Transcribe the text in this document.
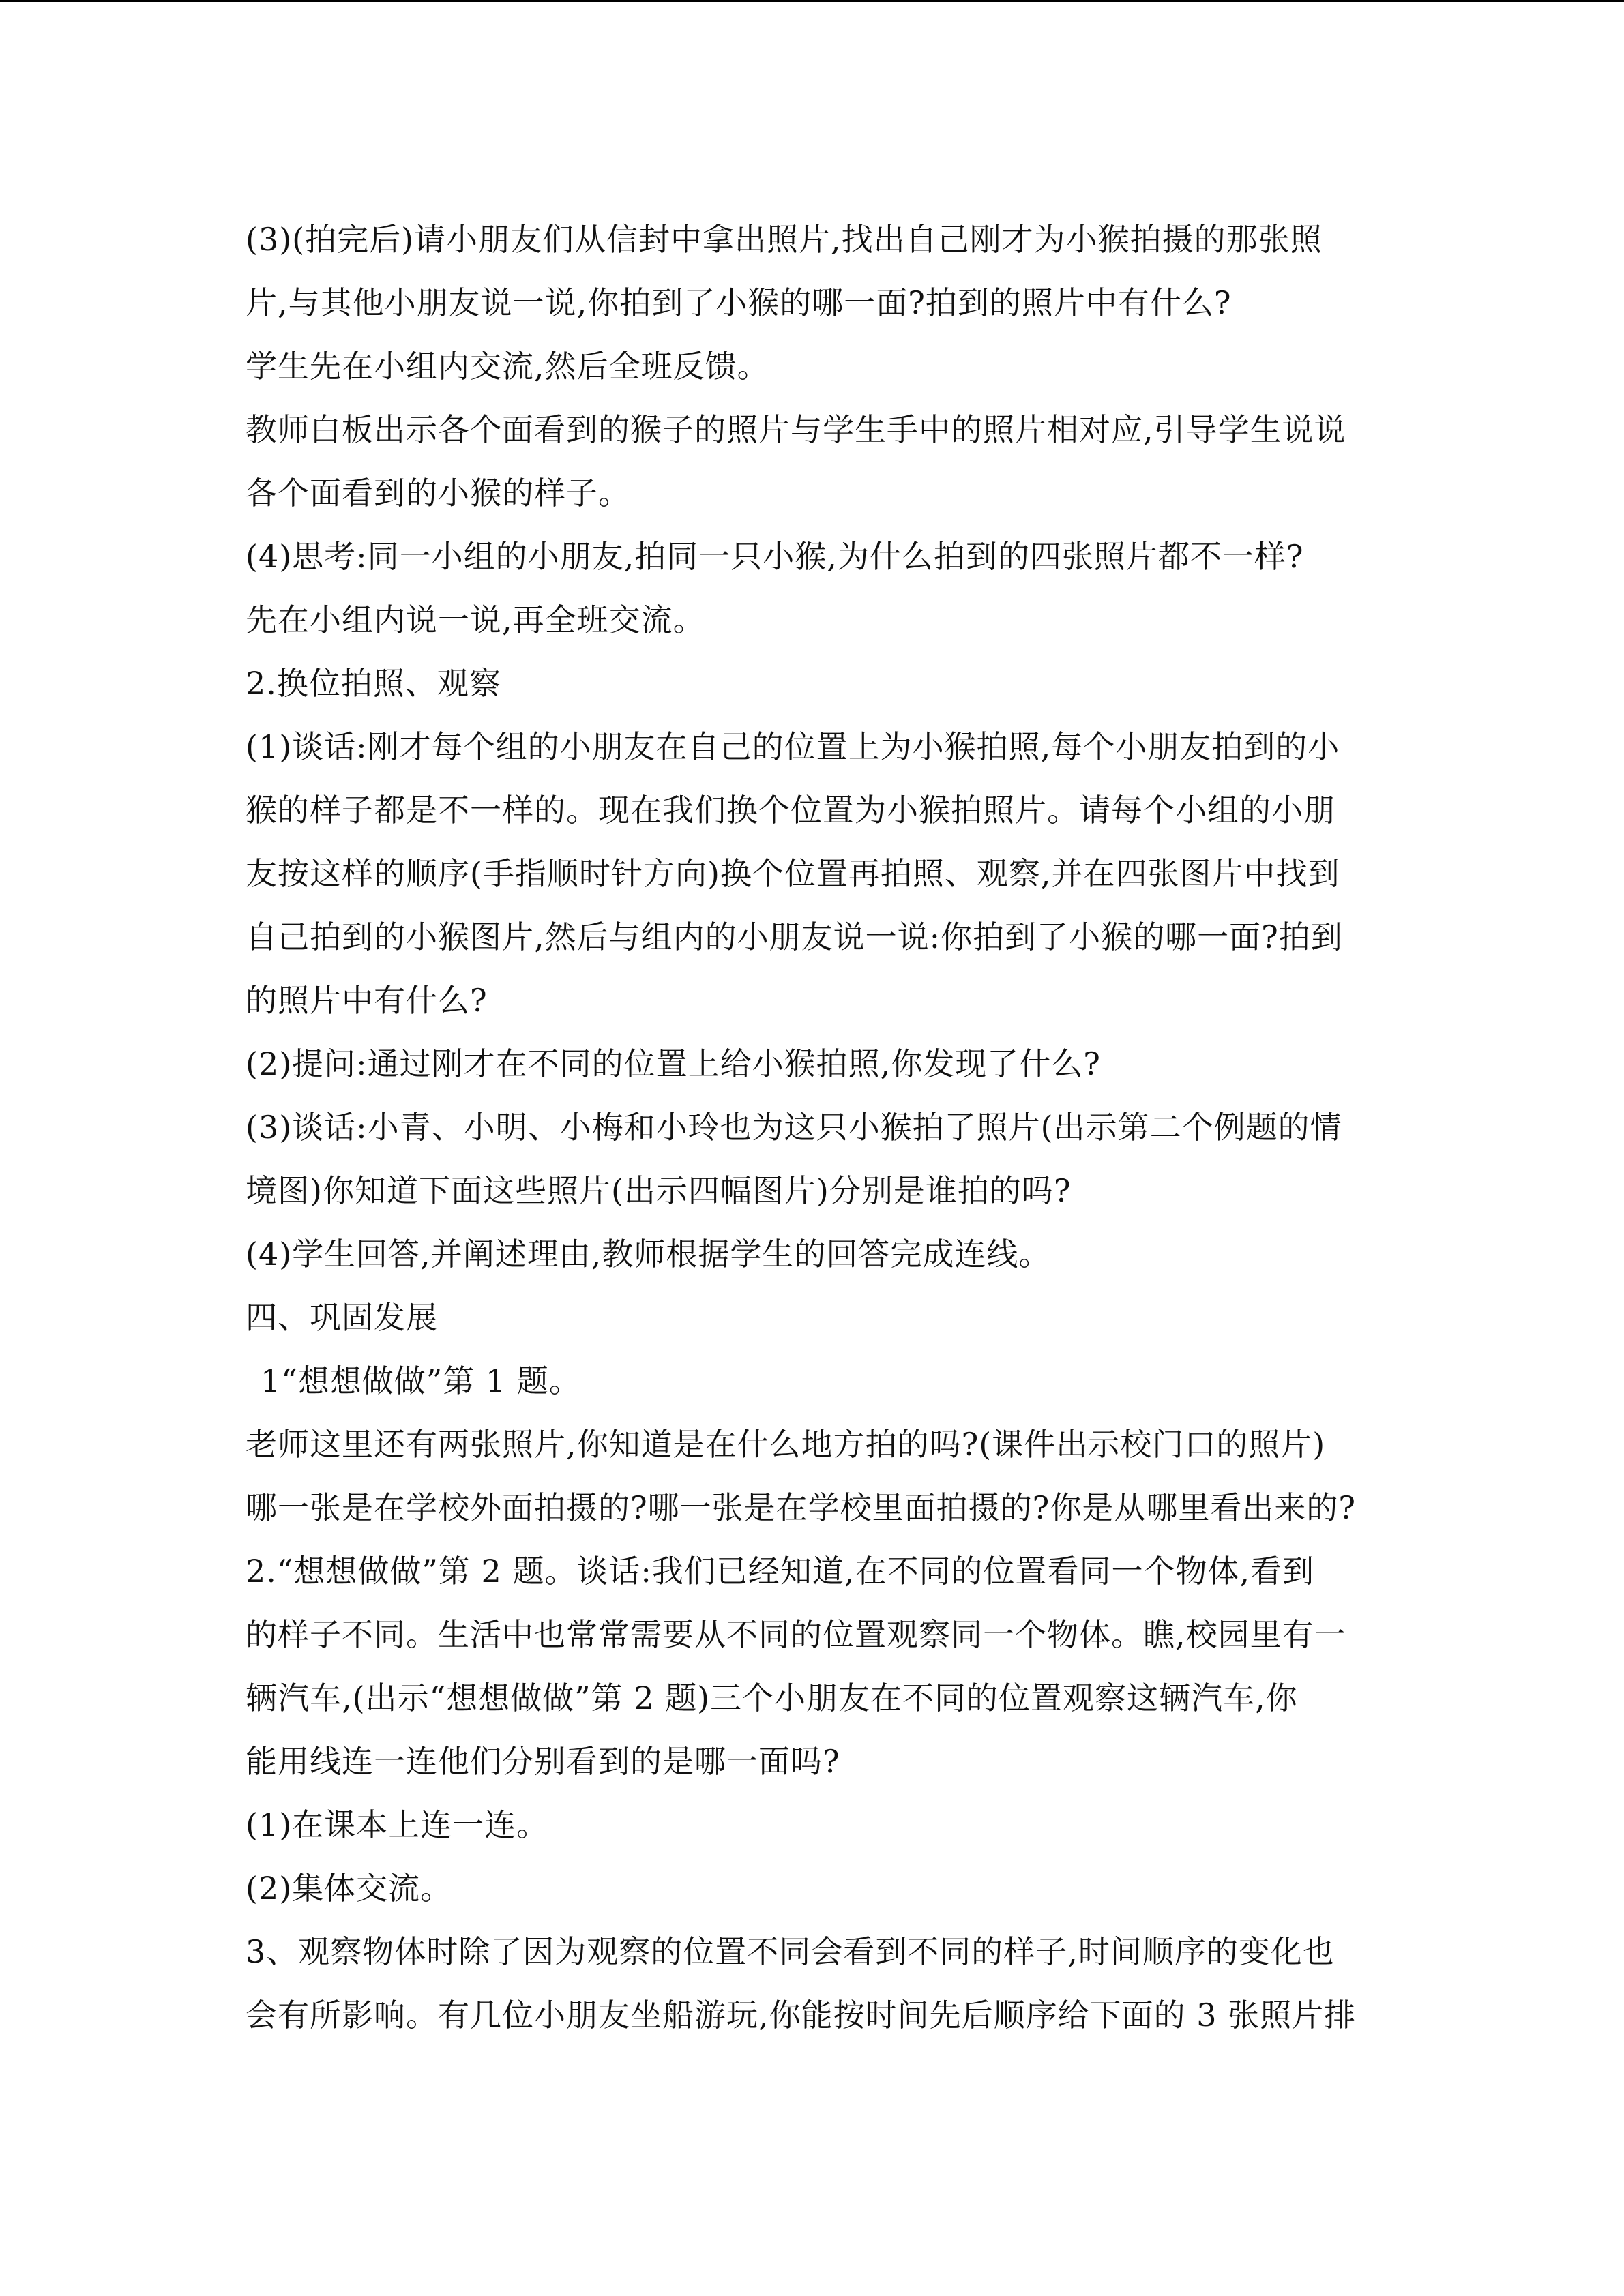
(3)(拍完后)请小朋友们从信封中拿出照片,找出自己刚才为小猴拍摄的那张照
片,与其他小朋友说一说,你拍到了小猴的哪一面?拍到的照片中有什么?
学生先在小组内交流,然后全班反馈。
教师白板出示各个面看到的猴子的照片与学生手中的照片相对应,引导学生说说
各个面看到的小猴的样子。
(4)思考:同一小组的小朋友,拍同一只小猴,为什么拍到的四张照片都不一样?
先在小组内说一说,再全班交流。
2.换位拍照、观察
(1)谈话:刚才每个组的小朋友在自己的位置上为小猴拍照,每个小朋友拍到的小
猴的样子都是不一样的。现在我们换个位置为小猴拍照片。请每个小组的小朋
友按这样的顺序(手指顺时针方向)换个位置再拍照、观察,并在四张图片中找到
自己拍到的小猴图片,然后与组内的小朋友说一说:你拍到了小猴的哪一面?拍到
的照片中有什么?
(2)提问:通过刚才在不同的位置上给小猴拍照,你发现了什么?
(3)谈话:小青、小明、小梅和小玲也为这只小猴拍了照片(出示第二个例题的情
境图)你知道下面这些照片(出示四幅图片)分别是谁拍的吗?
(4)学生回答,并阐述理由,教师根据学生的回答完成连线。
四、巩固发展
1“想想做做”第 1 题。
老师这里还有两张照片,你知道是在什么地方拍的吗?(课件出示校门口的照片)
哪一张是在学校外面拍摄的?哪一张是在学校里面拍摄的?你是从哪里看出来的?
2.“想想做做”第 2 题。谈话:我们已经知道,在不同的位置看同一个物体,看到
的样子不同。生活中也常常需要从不同的位置观察同一个物体。瞧,校园里有一
辆汽车,(出示“想想做做”第 2 题)三个小朋友在不同的位置观察这辆汽车,你
能用线连一连他们分别看到的是哪一面吗?
(1)在课本上连一连。
(2)集体交流。
3、观察物体时除了因为观察的位置不同会看到不同的样子,时间顺序的变化也
会有所影响。有几位小朋友坐船游玩,你能按时间先后顺序给下面的 3 张照片排
